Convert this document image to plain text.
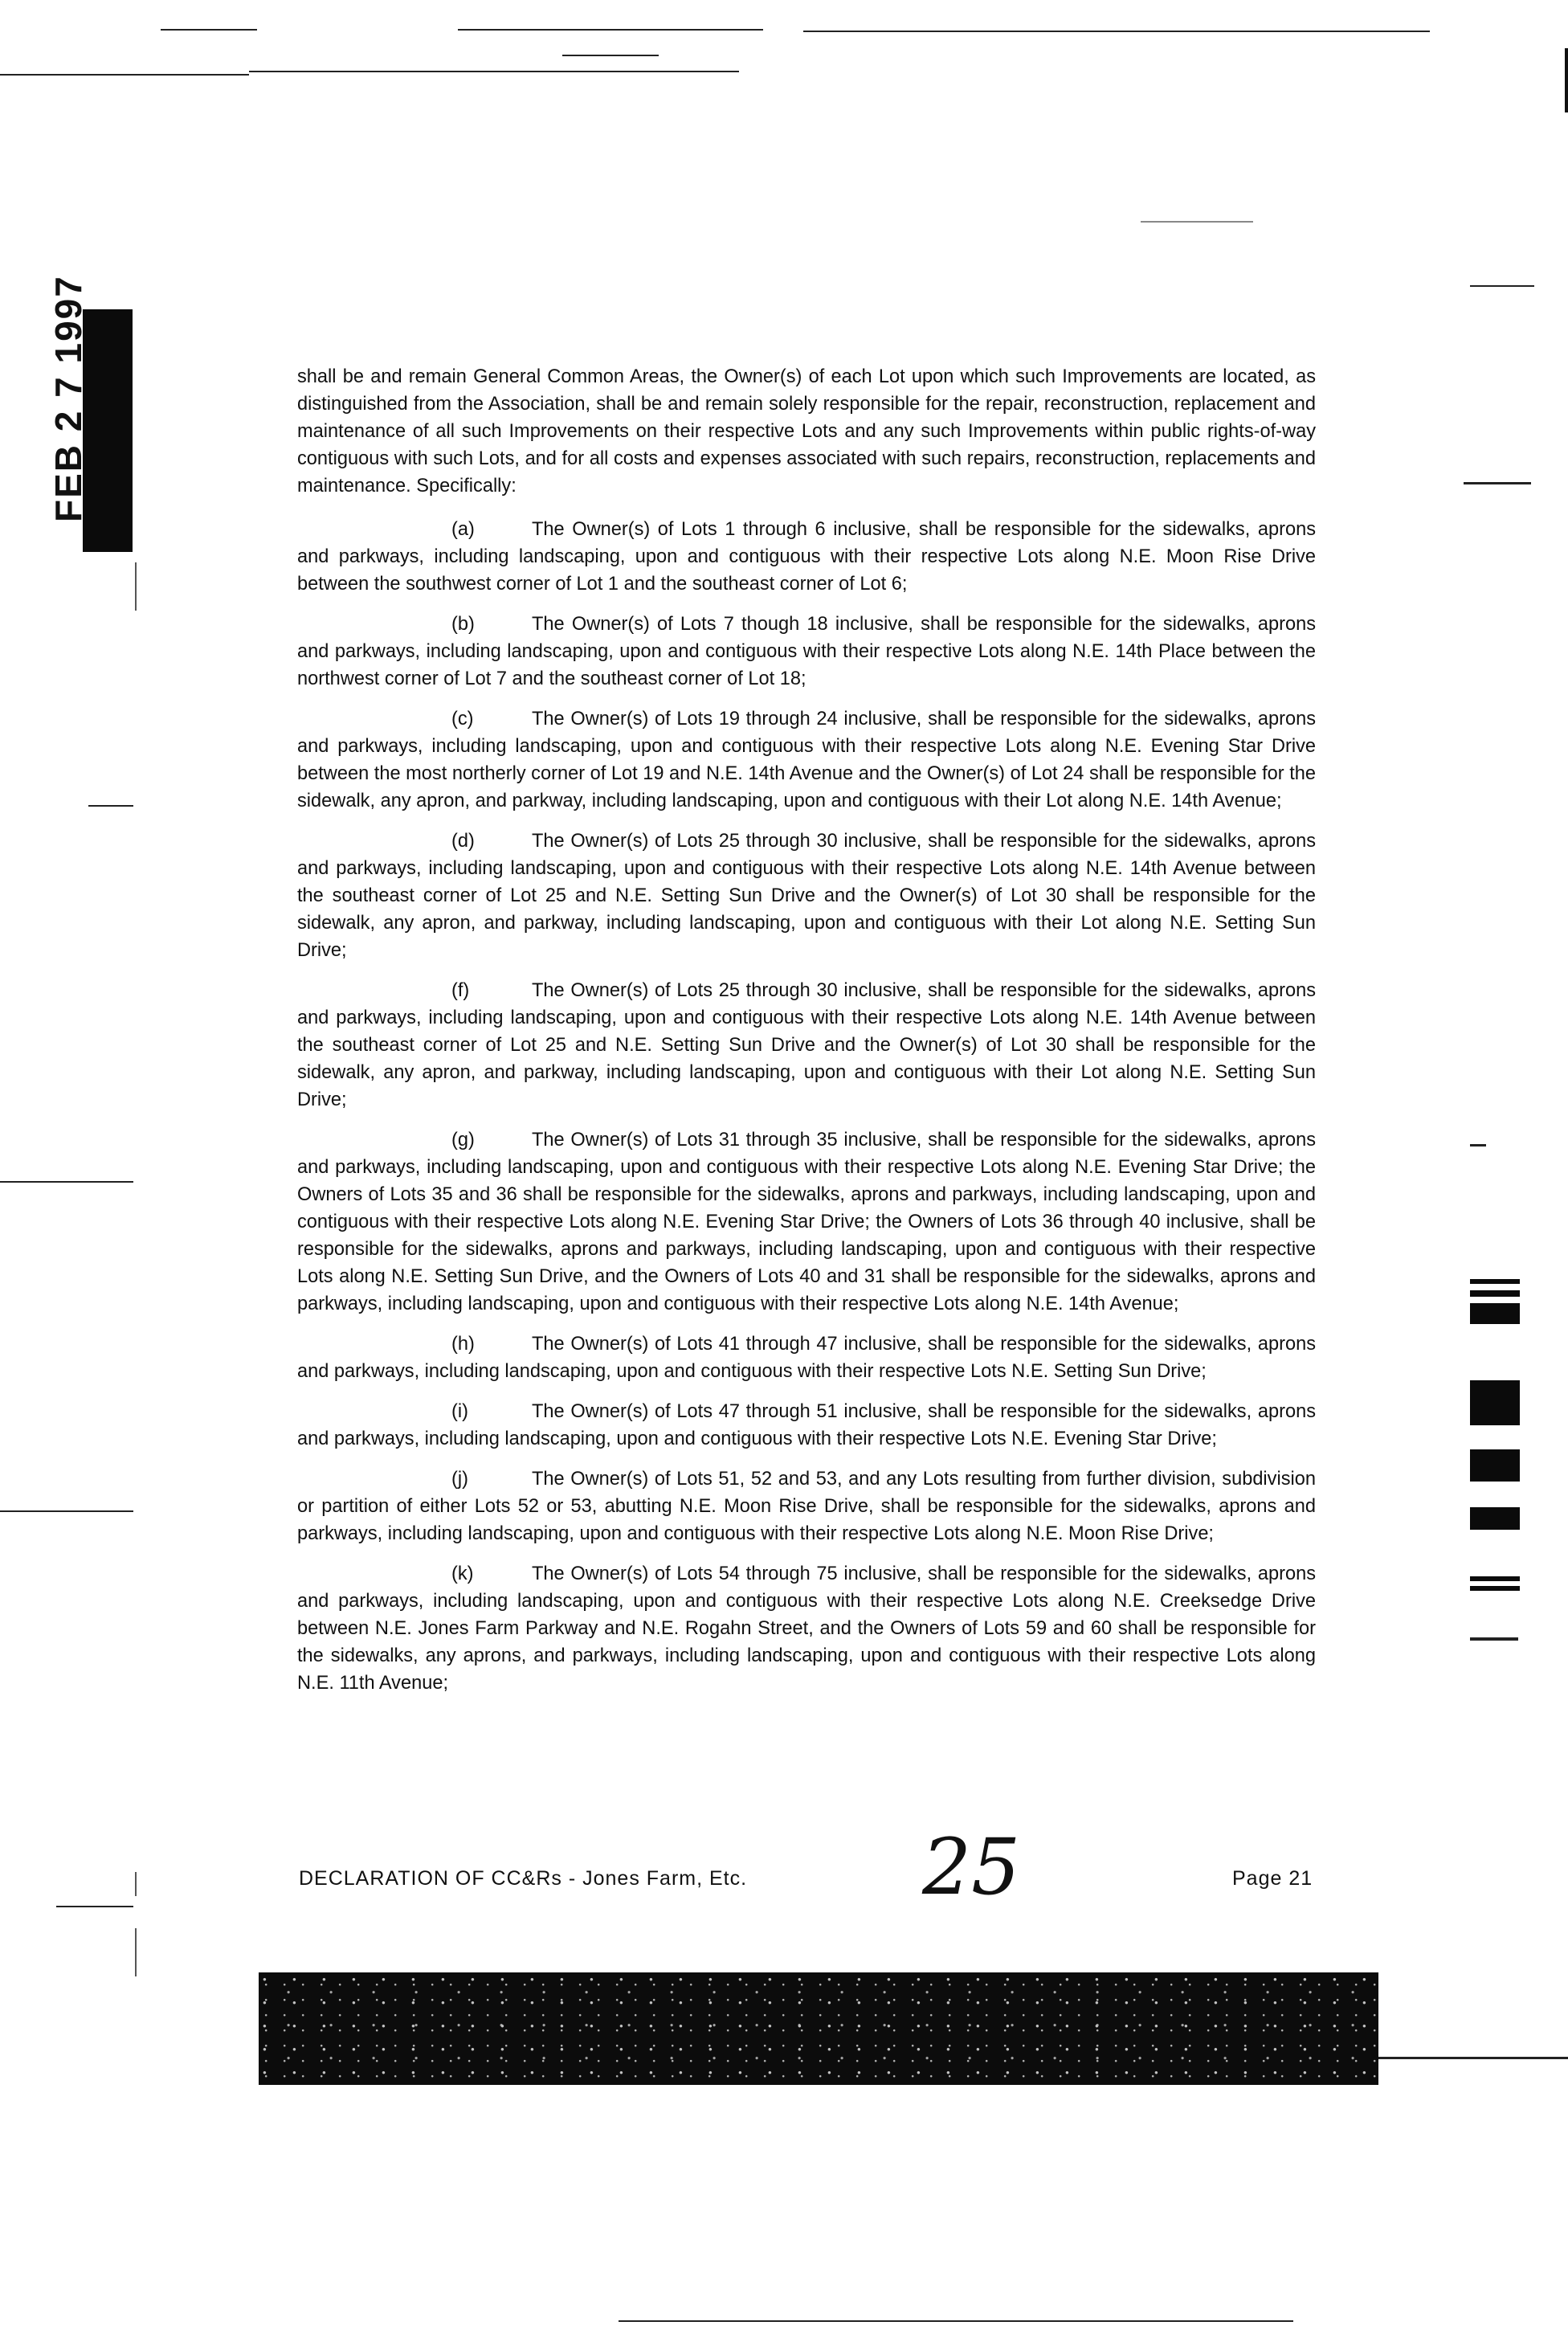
FEB 2 7 1997	shall be and remain General Common Areas, the Owner(s) of each Lot upon which such Improvements are located, as distinguished from the Association, shall be and remain solely responsible for the repair, reconstruction, replacement and maintenance of all such Improvements on their respective Lots and any such Improvements within public rights-of-way contiguous with such Lots, and for all costs and expenses associated with such repairs, reconstruction, replacements and maintenance. Specifically:

(a)	The Owner(s) of Lots 1 through 6 inclusive, shall be responsible for the sidewalks, aprons and parkways, including landscaping, upon and contiguous with their respective Lots along N.E. Moon Rise Drive between the southwest corner of Lot 1 and the southeast corner of Lot 6;

(b)	The Owner(s) of Lots 7 though 18 inclusive, shall be responsible for the sidewalks, aprons and parkways, including landscaping, upon and contiguous with their respective Lots along N.E. 14th Place between the northwest corner of Lot 7 and the southeast corner of Lot 18;

(c)	The Owner(s) of Lots 19 through 24 inclusive, shall be responsible for the sidewalks, aprons and parkways, including landscaping, upon and contiguous with their respective Lots along N.E. Evening Star Drive between the most northerly corner of Lot 19 and N.E. 14th Avenue and the Owner(s) of Lot 24 shall be responsible for the sidewalk, any apron, and parkway, including landscaping, upon and contiguous with their Lot along N.E. 14th Avenue;

(d)	The Owner(s) of Lots 25 through 30 inclusive, shall be responsible for the sidewalks, aprons and parkways, including landscaping, upon and contiguous with their respective Lots along N.E. 14th Avenue between the southeast corner of Lot 25 and N.E. Setting Sun Drive and the Owner(s) of Lot 30 shall be responsible for the sidewalk, any apron, and parkway, including landscaping, upon and contiguous with their Lot along N.E. Setting Sun Drive;

(f)	The Owner(s) of Lots 25 through 30 inclusive, shall be responsible for the sidewalks, aprons and parkways, including landscaping, upon and contiguous with their respective Lots along N.E. 14th Avenue between the southeast corner of Lot 25 and N.E. Setting Sun Drive and the Owner(s) of Lot 30 shall be responsible for the sidewalk, any apron, and parkway, including landscaping, upon and contiguous with their Lot along N.E. Setting Sun Drive;

(g)	The Owner(s) of Lots 31 through 35 inclusive, shall be responsible for the sidewalks, aprons and parkways, including landscaping, upon and contiguous with their respective Lots along N.E. Evening Star Drive; the Owners of Lots 35 and 36 shall be responsible for the sidewalks, aprons and parkways, including landscaping, upon and contiguous with their respective Lots along N.E. Evening Star Drive; the Owners of Lots 36 through 40 inclusive, shall be responsible for the sidewalks, aprons and parkways, including landscaping, upon and contiguous with their respective Lots along N.E. Setting Sun Drive, and the Owners of Lots 40 and 31 shall be responsible for the sidewalks, aprons and parkways, including landscaping, upon and contiguous with their respective Lots along N.E. 14th Avenue;

(h)	The Owner(s) of Lots 41 through 47 inclusive, shall be responsible for the sidewalks, aprons and parkways, including landscaping, upon and contiguous with their respective Lots N.E. Setting Sun Drive;

(i)	The Owner(s) of Lots 47 through 51 inclusive, shall be responsible for the sidewalks, aprons and parkways, including landscaping, upon and contiguous with their respective Lots N.E. Evening Star Drive;

(j)	The Owner(s) of Lots 51, 52 and 53, and any Lots resulting from further division, subdivision or partition of either Lots 52 or 53, abutting N.E. Moon Rise Drive, shall be responsible for the sidewalks, aprons and parkways, including landscaping, upon and contiguous with their respective Lots along N.E. Moon Rise Drive;

(k)	The Owner(s) of Lots 54 through 75 inclusive, shall be responsible for the sidewalks, aprons and parkways, including landscaping, upon and contiguous with their respective Lots along N.E. Creeksedge Drive between N.E. Jones Farm Parkway and N.E. Rogahn Street, and the Owners of Lots 59 and 60 shall be responsible for the sidewalks, any aprons, and parkways, including landscaping, upon and contiguous with their respective Lots along N.E. 11th Avenue;

DECLARATION OF CC&Rs - Jones Farm, Etc. 25	Page 21
